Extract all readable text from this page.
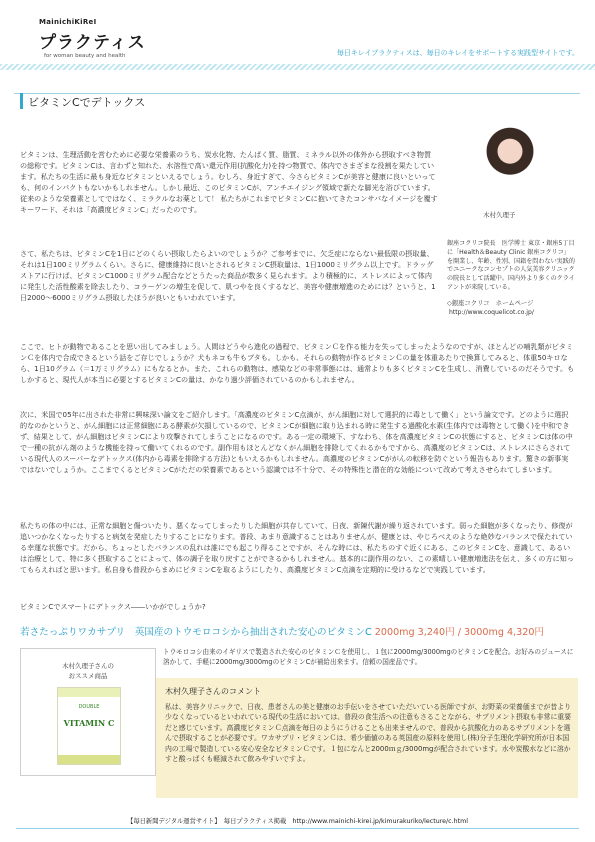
MainichiKiReI
プラクティス
for woman beauty and health	毎日キレイプラクティスは、毎日のキレイをサポートする実践型サイトです。
ビタミンCでデトックス

ビタミンは、生理活動を営むために必要な栄養素のうち、炭水化物、たんぱく質、脂質、ミネラル以外の体外から摂取すべき物質の総称です。ビタミンCは、言わずと知れた、水溶性で高い還元作用(抗酸化力)を持つ物質で、体内でさまざまな役割を果たしています。私たちの生活に最も身近なビタミンといえるでしょう。むしろ、身近すぎて、今さらビタミンCが美容と健康に良いといっても、何のインパクトもないかもしれません。しかし最近、このビタミンCが、アンチエイジング領域で新たな脚光を浴びています。従来のような栄養素としてではなく、ミラクルなお薬として！ 私たちがこれまでビタミンCに抱いてきたコンサバなイメージを覆すキーワード、それは「高濃度ビタミンC」だったのです。

さて、私たちは、ビタミンCを1日にどのくらい摂取したらよいのでしょうか？ご参考までに、欠乏症にならない最低限の摂取量、それは1日100ミリグラムくらい。さらに、健康維持に良いとされるビタミンC摂取量は、1日1000ミリグラム以上です。ドラッグストアに行けば、ビタミンC1000ミリグラム配合などとうたった商品が数多く見られます。より積極的に、ストレスによって体内に発生した活性酸素を除去したり、コラーゲンの増生を促して、肌つやを良くするなど、美容や健康増進のためには？というと、1日2000〜6000ミリグラム摂取したほうが良いともいわれています。

ここで、ヒトが動物であることを思い出してみましょう。人間はどうやら進化の過程で、ビタミンＣを作る能力を失ってしまったようなのですが、ほとんどの哺乳類がビタミンＣを体内で合成できるという話をご存じでしょうか？犬もネコも牛もブタも。しかも、それらの動物が作るビタミンＣの量を体重あたりで換算してみると、体重50キロなら、1日10グラム（＝1万ミリグラム）にもなるとか。また、これらの動物は、感染などの非常事態には、通常よりも多くビタミンCを生成し、消費しているのだそうです。もしかすると、現代人が本当に必要とするビタミンCの量は、かなり過少評価されているのかもしれません。

次に、米国で05年に出された非常に興味深い論文をご紹介します。「高濃度のビタミンC点滴が、がん細胞に対して選択的に毒として働く」という論文です。どのように選択的なのかというと、がん細胞には正常細胞にある酵素が欠損しているので、ビタミンCが細胞に取り込まれる時に発生する過酸化水素(生体内では毒物として働く)を中和できず、結果として、がん細胞はビタミンCにより攻撃されてしまうことになるのです。ある一定の環境下、すなわち、体を高濃度ビタミンCの状態にすると、ビタミンCは体の中で一種の抗がん剤のような機能を持って働いてくれるのです。副作用もほとんどなくがん細胞を排除してくれるかもですから、高濃度のビタミンCは、ストレスにさらされている現代人のスーパーなデトックス(体内から毒素を排除する方法)ともいえるかもしれません。高濃度のビタミンCががんの転移を防ぐという報告もあります。驚きの新事実ではないでしょうか。ここまでくるとビタミンCがただの栄養素であるという認識では不十分で、その特殊性と潜在的な効能について改めて考えさせられてしまいます。

私たちの体の中には、正常な細胞と傷ついたり、悪くなってしまったりした細胞が共存していて、日夜、新陳代謝が繰り返されています。弱った細胞が多くなったり、修復が追いつかなくなったりすると病気を発症したりすることになります。普段、あまり意識することはありませんが、健康とは、やじろべえのような絶妙なバランスで保たれている幸運な状態です。だから、ちょっとしたバランスの乱れは誰にでも起こり得ることですが、そんな時には、私たちのすぐ近くにある、このビタミンCを、意識して、あるいは治療として、特に多く摂取することによって、体の調子を取り戻すことができるかもしれません。基本的に副作用のない、この素晴しい健康増進法を伝え、多くの方に知ってもらえればと思います。私自身も普段からまめにビタミンCを取るようにしたり、高濃度ビタミンC点滴を定期的に受けるなどで実践しています。

ビタミンCでスマートにデトックス――いかがでしょうか?

木村久理子

銀座コクリコ院長　医学博士 東京・銀座5丁目に「Health＆Beauty Clinic 銀座コクリコ」を開業し、年齢、性別、国籍を問わない実践的でユニークなコンセプトの人気美容クリニックの院長として活躍中。国内外より多くのクライアントが来院している。

◇銀座コクリコ　ホームページ
http://www.coquelicot.co.jp/
若さたっぷりワカサプリ　英国産のトウモロコシから抽出された安心のビタミンC 2000mg 3,240円 / 3000mg 4,320円
木村久理子さんの
おススメ商品
DOUBLE
VITAMIN C

トウモロコシ由来のイギリスで製造された安心のビタミンＣを使用し、１包に2000mg/3000mgのビタミンCを配合。お好みのジュースに溶かして、手軽に2000mg/3000mgのビタミンCが補給出来ます。信頼の国産品です。

木村久理子さんのコメント

私は、美容クリニックで、日夜、患者さんの美と健康のお手伝いをさせていただいている医師ですが、お野菜の栄養価までが昔より少なくなっているといわれている現代の生活においては、普段の食生活への注意もさることながら、サプリメント摂取も非常に重要だと感じています。高濃度ビタミンＣ点滴を毎日のようにうけることも出来ませんので、普段から抗酸化力のあるサプリメントを選んで摂取することが必要です。ワカサプリ・ビタミンＣは、希少価値のある英国産の原料を使用し(株)分子生理化学研究所が日本国内の工場で製造している安心安全なビタミンＣです。１包になんと2000ｍｇ/3000mgが配合されています。水や炭酸水などに溶かすと酸っぱくも軽減されて飲みやすいですよ。

【毎日新聞デジタル運営サイト】　毎日プラクティス掲載　http://www.mainichi-kirei.jp/kimurakuriko/lecture/c.html
